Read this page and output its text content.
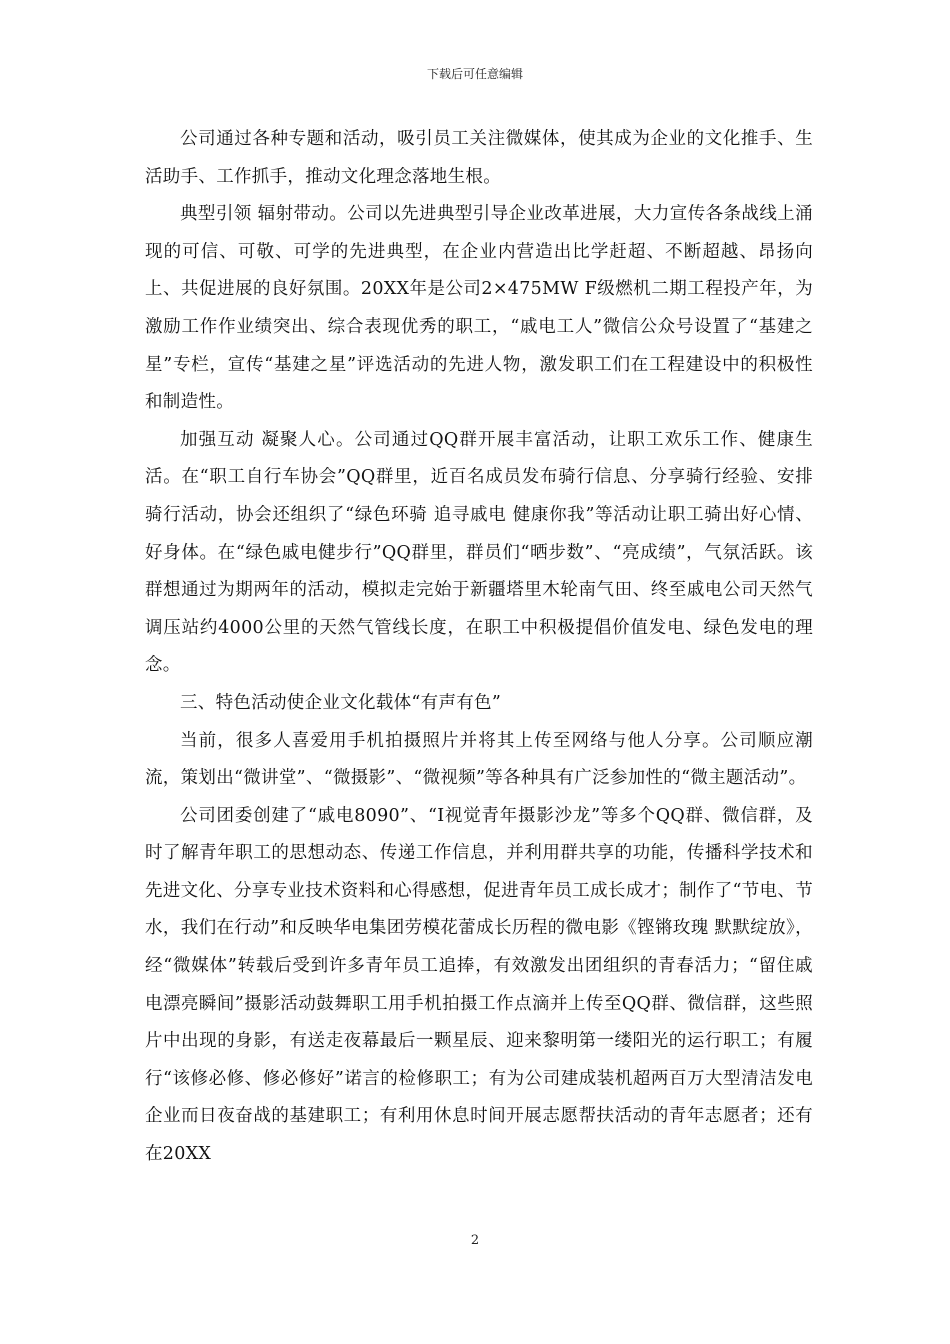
下载后可任意编辑

公司通过各种专题和活动，吸引员工关注微媒体，使其成为企业的文化推手、生活助手、工作抓手，推动文化理念落地生根。

典型引领 辐射带动。公司以先进典型引导企业改革进展，大力宣传各条战线上涌现的可信、可敬、可学的先进典型，在企业内营造出比学赶超、不断超越、昂扬向上、共促进展的良好氛围。20XX年是公司2×475MW F级燃机二期工程投产年，为激励工作作业绩突出、综合表现优秀的职工，“戚电工人”微信公众号设置了“基建之星”专栏，宣传“基建之星”评选活动的先进人物，激发职工们在工程建设中的积极性和制造性。

加强互动 凝聚人心。公司通过QQ群开展丰富活动，让职工欢乐工作、健康生活。在“职工自行车协会”QQ群里，近百名成员发布骑行信息、分享骑行经验、安排骑行活动，协会还组织了“绿色环骑 追寻戚电 健康你我”等活动让职工骑出好心情、好身体。在“绿色戚电健步行”QQ群里，群员们“晒步数”、“亮成绩”，气氛活跃。该群想通过为期两年的活动，模拟走完始于新疆塔里木轮南气田、终至戚电公司天然气调压站约4000公里的天然气管线长度，在职工中积极提倡价值发电、绿色发电的理念。

三、特色活动使企业文化载体“有声有色”

当前，很多人喜爱用手机拍摄照片并将其上传至网络与他人分享。公司顺应潮流，策划出“微讲堂”、“微摄影”、“微视频”等各种具有广泛参加性的“微主题活动”。

公司团委创建了“戚电8090”、“I视觉青年摄影沙龙”等多个QQ群、微信群，及时了解青年职工的思想动态、传递工作信息，并利用群共享的功能，传播科学技术和先进文化、分享专业技术资料和心得感想，促进青年员工成长成才；制作了“节电、节水，我们在行动”和反映华电集团劳模花蕾成长历程的微电影《铿锵玫瑰 默默绽放》，经“微媒体”转载后受到许多青年员工追捧，有效激发出团组织的青春活力；“留住戚电漂亮瞬间”摄影活动鼓舞职工用手机拍摄工作点滴并上传至QQ群、微信群，这些照片中出现的身影，有送走夜幕最后一颗星辰、迎来黎明第一缕阳光的运行职工；有履行“该修必修、修必修好”诺言的检修职工；有为公司建成装机超两百万大型清洁发电企业而日夜奋战的基建职工；有利用休息时间开展志愿帮扶活动的青年志愿者；还有在20XX

2
